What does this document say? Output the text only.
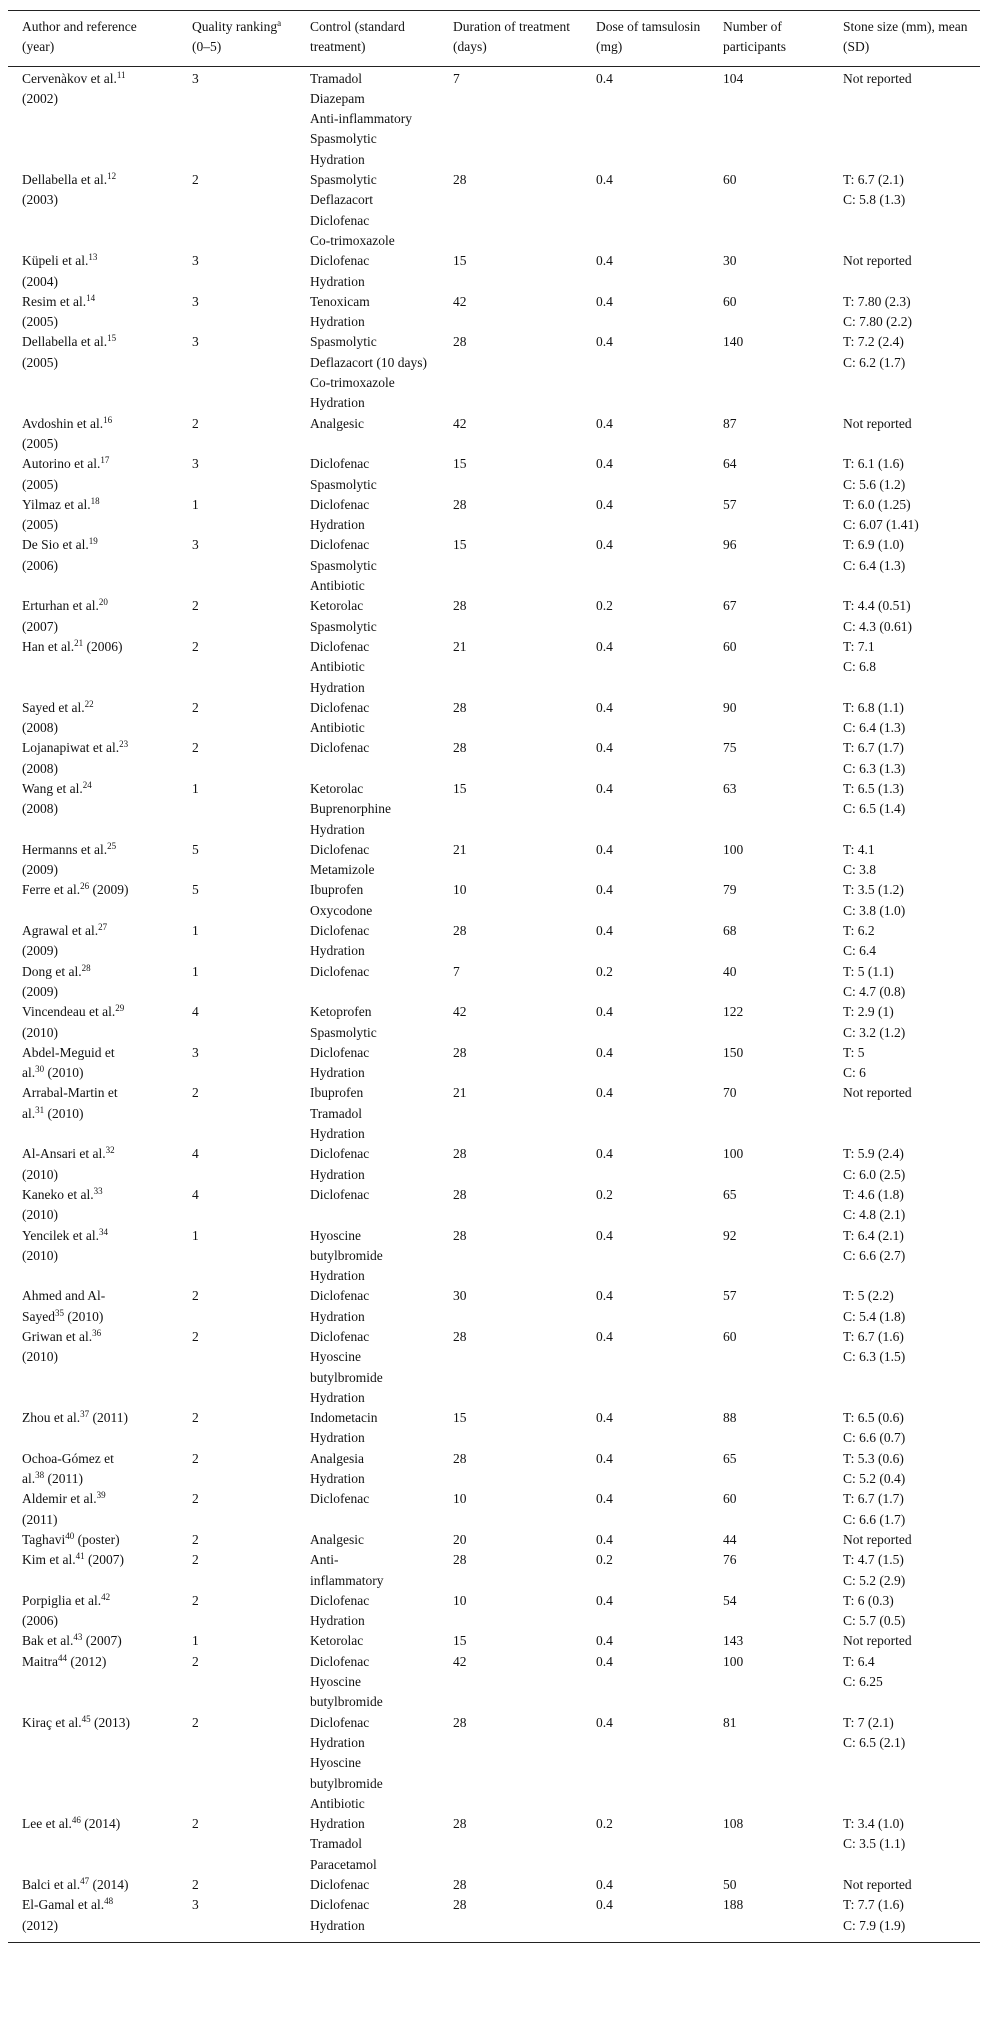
Author and reference (year)	Quality ranking$^a$ (0–5)	Control (standard treatment)	Duration of treatment (days)	Dose of tamsulosin (mg)	Number of participants	Stone size (mm), mean (SD)
Cervenàkov et al.$^{11}$
(2002)	3	Tramadol
Diazepam
Anti-inflammatory
Spasmolytic
Hydration	7	0.4	104	Not reported

Dellabella et al.$^{12}$
(2003)	2	Spasmolytic
Deflazacort
Diclofenac
Co-trimoxazole	28	0.4	60	T: 6.7 (2.1)
C: 5.8 (1.3)

Küpeli et al.$^{13}$
(2004)	3	Diclofenac
Hydration	15	0.4	30	Not reported

Resim et al.$^{14}$
(2005)	3	Tenoxicam
Hydration	42	0.4	60	T: 7.80 (2.3)
C: 7.80 (2.2)

Dellabella et al.$^{15}$
(2005)	3	Spasmolytic
Deflazacort (10 days)
Co-trimoxazole
Hydration	28	0.4	140	T: 7.2 (2.4)
C: 6.2 (1.7)

Avdoshin et al.$^{16}$
(2005)	2	Analgesic	42	0.4	87	Not reported

Autorino et al.$^{17}$
(2005)	3	Diclofenac
Spasmolytic	15	0.4	64	T: 6.1 (1.6)
C: 5.6 (1.2)

Yilmaz et al.$^{18}$
(2005)	1	Diclofenac
Hydration	28	0.4	57	T: 6.0 (1.25)
C: 6.07 (1.41)

De Sio et al.$^{19}$
(2006)	3	Diclofenac
Spasmolytic
Antibiotic	15	0.4	96	T: 6.9 (1.0)
C: 6.4 (1.3)

Erturhan et al.$^{20}$
(2007)	2	Ketorolac
Spasmolytic	28	0.2	67	T: 4.4 (0.51)
C: 4.3 (0.61)

Han et al.$^{21}$ (2006)	2	Diclofenac
Antibiotic
Hydration	21	0.4	60	T: 7.1
C: 6.8

Sayed et al.$^{22}$
(2008)	2	Diclofenac
Antibiotic	28	0.4	90	T: 6.8 (1.1)
C: 6.4 (1.3)

Lojanapiwat et al.$^{23}$
(2008)	2	Diclofenac	28	0.4	75	T: 6.7 (1.7)
C: 6.3 (1.3)

Wang et al.$^{24}$
(2008)	1	Ketorolac
Buprenorphine
Hydration	15	0.4	63	T: 6.5 (1.3)
C: 6.5 (1.4)

Hermanns et al.$^{25}$
(2009)	5	Diclofenac
Metamizole	21	0.4	100	T: 4.1
C: 3.8

Ferre et al.$^{26}$ (2009)	5	Ibuprofen
Oxycodone	10	0.4	79	T: 3.5 (1.2)
C: 3.8 (1.0)

Agrawal et al.$^{27}$
(2009)	1	Diclofenac
Hydration	28	0.4	68	T: 6.2
C: 6.4

Dong et al.$^{28}$
(2009)	1	Diclofenac	7	0.2	40	T: 5 (1.1)
C: 4.7 (0.8)

Vincendeau et al.$^{29}$
(2010)	4	Ketoprofen
Spasmolytic	42	0.4	122	T: 2.9 (1)
C: 3.2 (1.2)

Abdel-Meguid et
al.$^{30}$ (2010)	3	Diclofenac
Hydration	28	0.4	150	T: 5
C: 6

Arrabal-Martin et
al.$^{31}$ (2010)	2	Ibuprofen
Tramadol
Hydration	21	0.4	70	Not reported

Al-Ansari et al.$^{32}$
(2010)	4	Diclofenac
Hydration	28	0.4	100	T: 5.9 (2.4)
C: 6.0 (2.5)

Kaneko et al.$^{33}$
(2010)	4	Diclofenac	28	0.2	65	T: 4.6 (1.8)
C: 4.8 (2.1)

Yencilek et al.$^{34}$
(2010)	1	Hyoscine
butylbromide
Hydration	28	0.4	92	T: 6.4 (2.1)
C: 6.6 (2.7)

Ahmed and Al-
Sayed$^{35}$ (2010)	2	Diclofenac
Hydration	30	0.4	57	T: 5 (2.2)
C: 5.4 (1.8)

Griwan et al.$^{36}$
(2010)	2	Diclofenac
Hyoscine
butylbromide
Hydration	28	0.4	60	T: 6.7 (1.6)
C: 6.3 (1.5)

Zhou et al.$^{37}$ (2011)	2	Indometacin
Hydration	15	0.4	88	T: 6.5 (0.6)
C: 6.6 (0.7)

Ochoa-Gómez et
al.$^{38}$ (2011)	2	Analgesia
Hydration	28	0.4	65	T: 5.3 (0.6)
C: 5.2 (0.4)

Aldemir et al.$^{39}$
(2011)	2	Diclofenac	10	0.4	60	T: 6.7 (1.7)
C: 6.6 (1.7)

Taghavi$^{40}$ (poster)	2	Analgesic	20	0.4	44	Not reported

Kim et al.$^{41}$ (2007)	2	Anti-
inflammatory	28	0.2	76	T: 4.7 (1.5)
C: 5.2 (2.9)

Porpiglia et al.$^{42}$
(2006)	2	Diclofenac
Hydration	10	0.4	54	T: 6 (0.3)
C: 5.7 (0.5)

Bak et al.$^{43}$ (2007)	1	Ketorolac	15	0.4	143	Not reported

Maitra$^{44}$ (2012)	2	Diclofenac
Hyoscine
butylbromide	42	0.4	100	T: 6.4
C: 6.25

Kiraç et al.$^{45}$ (2013)	2	Diclofenac
Hydration
Hyoscine
butylbromide
Antibiotic	28	0.4	81	T: 7 (2.1)
C: 6.5 (2.1)

Lee et al.$^{46}$ (2014)	2	Hydration
Tramadol
Paracetamol	28	0.2	108	T: 3.4 (1.0)
C: 3.5 (1.1)

Balci et al.$^{47}$ (2014)	2	Diclofenac	28	0.4	50	Not reported

El-Gamal et al.$^{48}$
(2012)	3	Diclofenac
Hydration	28	0.4	188	T: 7.7 (1.6)
C: 7.9 (1.9)
